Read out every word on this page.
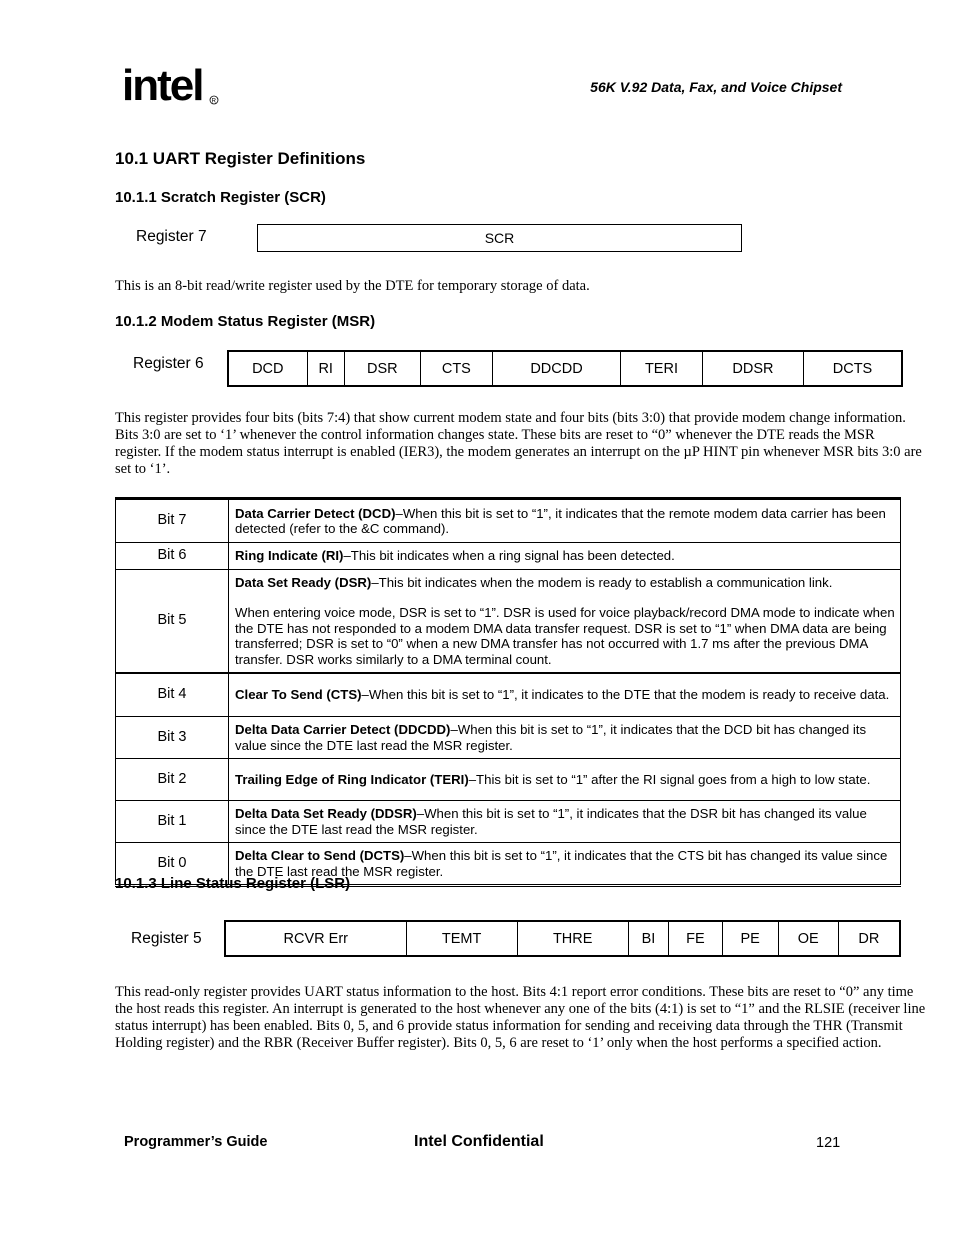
intel R
56K V.92 Data, Fax, and Voice Chipset
10.1 UART Register Definitions
10.1.1 Scratch Register (SCR)
Register 7	SCR
This is an 8-bit read/write register used by the DTE for temporary storage of data.
10.1.2 Modem Status Register (MSR)
Register 6	DCD	RI	DSR	CTS	DDCDD	TERI	DDSR	DCTS
This register provides four bits (bits 7:4) that show current modem state and four bits (bits 3:0) that provide modem change information. Bits 3:0 are set to ‘1’ whenever the control information changes state. These bits are reset to “0” whenever the DTE reads the MSR register. If the modem status interrupt is enabled (IER3), the modem generates an interrupt on the µP HINT pin whenever MSR bits 3:0 are set to ‘1’.
Bit 7	Data Carrier Detect (DCD)–When this bit is set to “1”, it indicates that the remote modem data carrier has been detected (refer to the &C command).

Bit 6	Ring Indicate (RI)–This bit indicates when a ring signal has been detected.

Bit 5	Data Set Ready (DSR)–This bit indicates when the modem is ready to establish a communication link.
When entering voice mode, DSR is set to “1”. DSR is used for voice playback/record DMA mode to indicate when the DTE has not responded to a modem DMA data transfer request. DSR is set to “1” when DMA data are being transferred; DSR is set to “0” when a new DMA transfer has not occurred with 1.7 ms after the previous DMA transfer. DSR works similarly to a DMA terminal count.

Bit 4	Clear To Send (CTS)–When this bit is set to “1”, it indicates to the DTE that the modem is ready to receive data.

Bit 3	Delta Data Carrier Detect (DDCDD)–When this bit is set to “1”, it indicates that the DCD bit has changed its value since the DTE last read the MSR register.

Bit 2	Trailing Edge of Ring Indicator (TERI)–This bit is set to “1” after the RI signal goes from a high to low state.

Bit 1	Delta Data Set Ready (DDSR)–When this bit is set to “1”, it indicates that the DSR bit has changed its value since the DTE last read the MSR register.

Bit 0	Delta Clear to Send (DCTS)–When this bit is set to “1”, it indicates that the CTS bit has changed its value since the DTE last read the MSR register.
10.1.3 Line Status Register (LSR)
Register 5	RCVR Err	TEMT	THRE	BI	FE	PE	OE	DR
This read-only register provides UART status information to the host. Bits 4:1 report error conditions. These bits are reset to “0” any time the host reads this register. An interrupt is generated to the host whenever any one of the bits (4:1) is set to “1” and the RLSIE (receiver line status interrupt) has been enabled. Bits 0, 5, and 6 provide status information for sending and receiving data through the THR (Transmit Holding register) and the RBR (Receiver Buffer register). Bits 0, 5, 6 are reset to ‘1’ only when the host performs a specified action.
Programmer’s Guide	Intel Confidential	121
